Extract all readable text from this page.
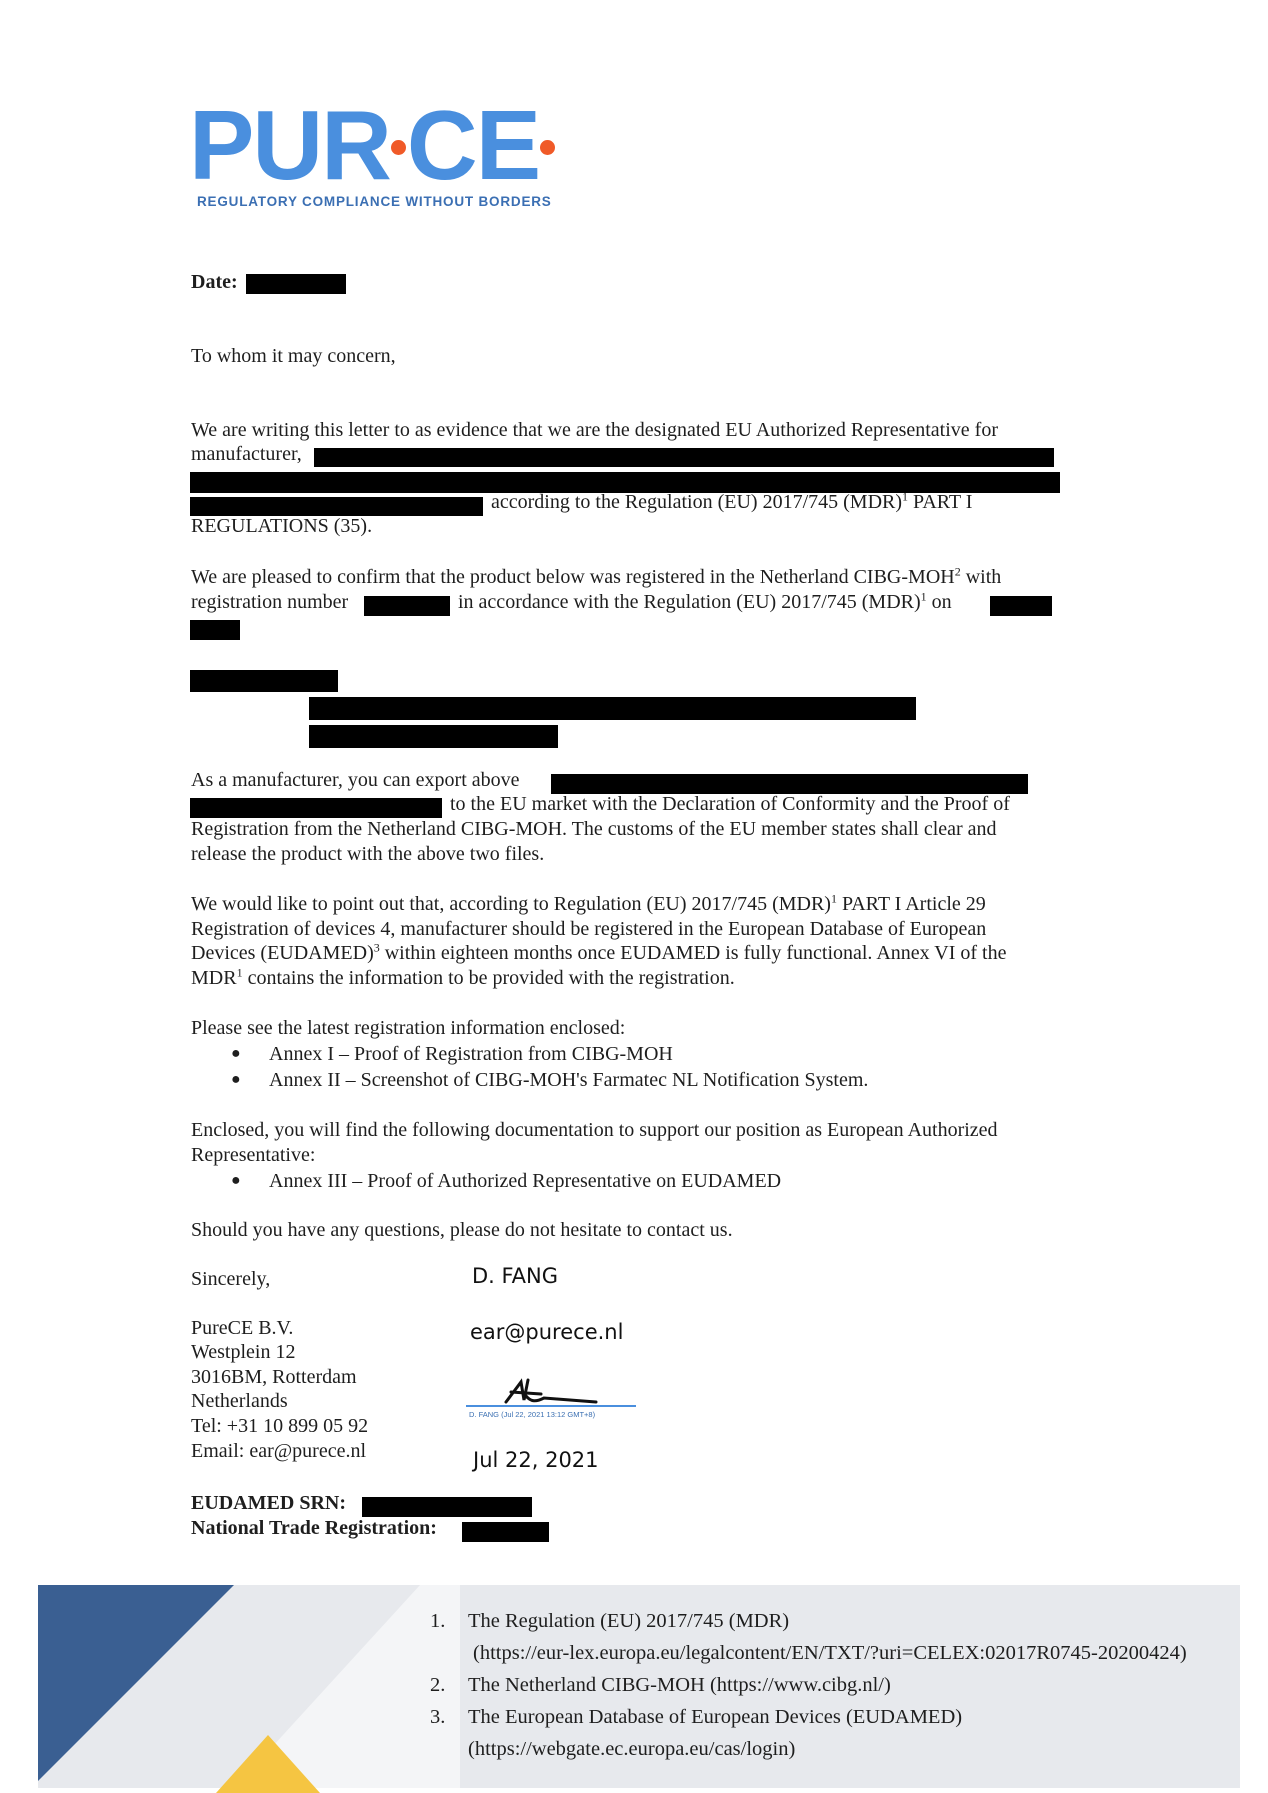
PUR CE
REGULATORY COMPLIANCE WITHOUT BORDERS
Date:
To whom it may concern,
We are writing this letter to as evidence that we are the designated EU Authorized Representative for
manufacturer,
according to the Regulation (EU) 2017/745 (MDR)$^1$ PART I
REGULATIONS (35).
We are pleased to confirm that the product below was registered in the Netherland CIBG-MOH$^2$ with
registration number	in accordance with the Regulation (EU) 2017/745 (MDR)$^1$ on
As a manufacturer, you can export above
to the EU market with the Declaration of Conformity and the Proof of
Registration from the Netherland CIBG-MOH. The customs of the EU member states shall clear and
release the product with the above two files.
We would like to point out that, according to Regulation (EU) 2017/745 (MDR)$^1$ PART I Article 29
Registration of devices 4, manufacturer should be registered in the European Database of European
Devices (EUDAMED)$^3$ within eighteen months once EUDAMED is fully functional. Annex VI of the
MDR$^1$ contains the information to be provided with the registration.
Please see the latest registration information enclosed:
● Annex I – Proof of Registration from CIBG-MOH
● Annex II – Screenshot of CIBG-MOH's Farmatec NL Notification System.
Enclosed, you will find the following documentation to support our position as European Authorized
Representative:
● Annex III – Proof of Authorized Representative on EUDAMED
Should you have any questions, please do not hesitate to contact us.
Sincerely,
PureCE B.V.
Westplein 12
3016BM, Rotterdam
Netherlands
Tel: +31 10 899 05 92
Email: ear@purece.nl
D. FANG
ear@purece.nl
D. FANG (Jul 22, 2021 13:12 GMT+8)
Jul 22, 2021
EUDAMED SRN:
National Trade Registration:
1. The Regulation (EU) 2017/745 (MDR)
(https://eur-lex.europa.eu/legalcontent/EN/TXT/?uri=CELEX:02017R0745-20200424)
2. The Netherland CIBG-MOH (https://www.cibg.nl/)
3. The European Database of European Devices (EUDAMED)
(https://webgate.ec.europa.eu/cas/login)
